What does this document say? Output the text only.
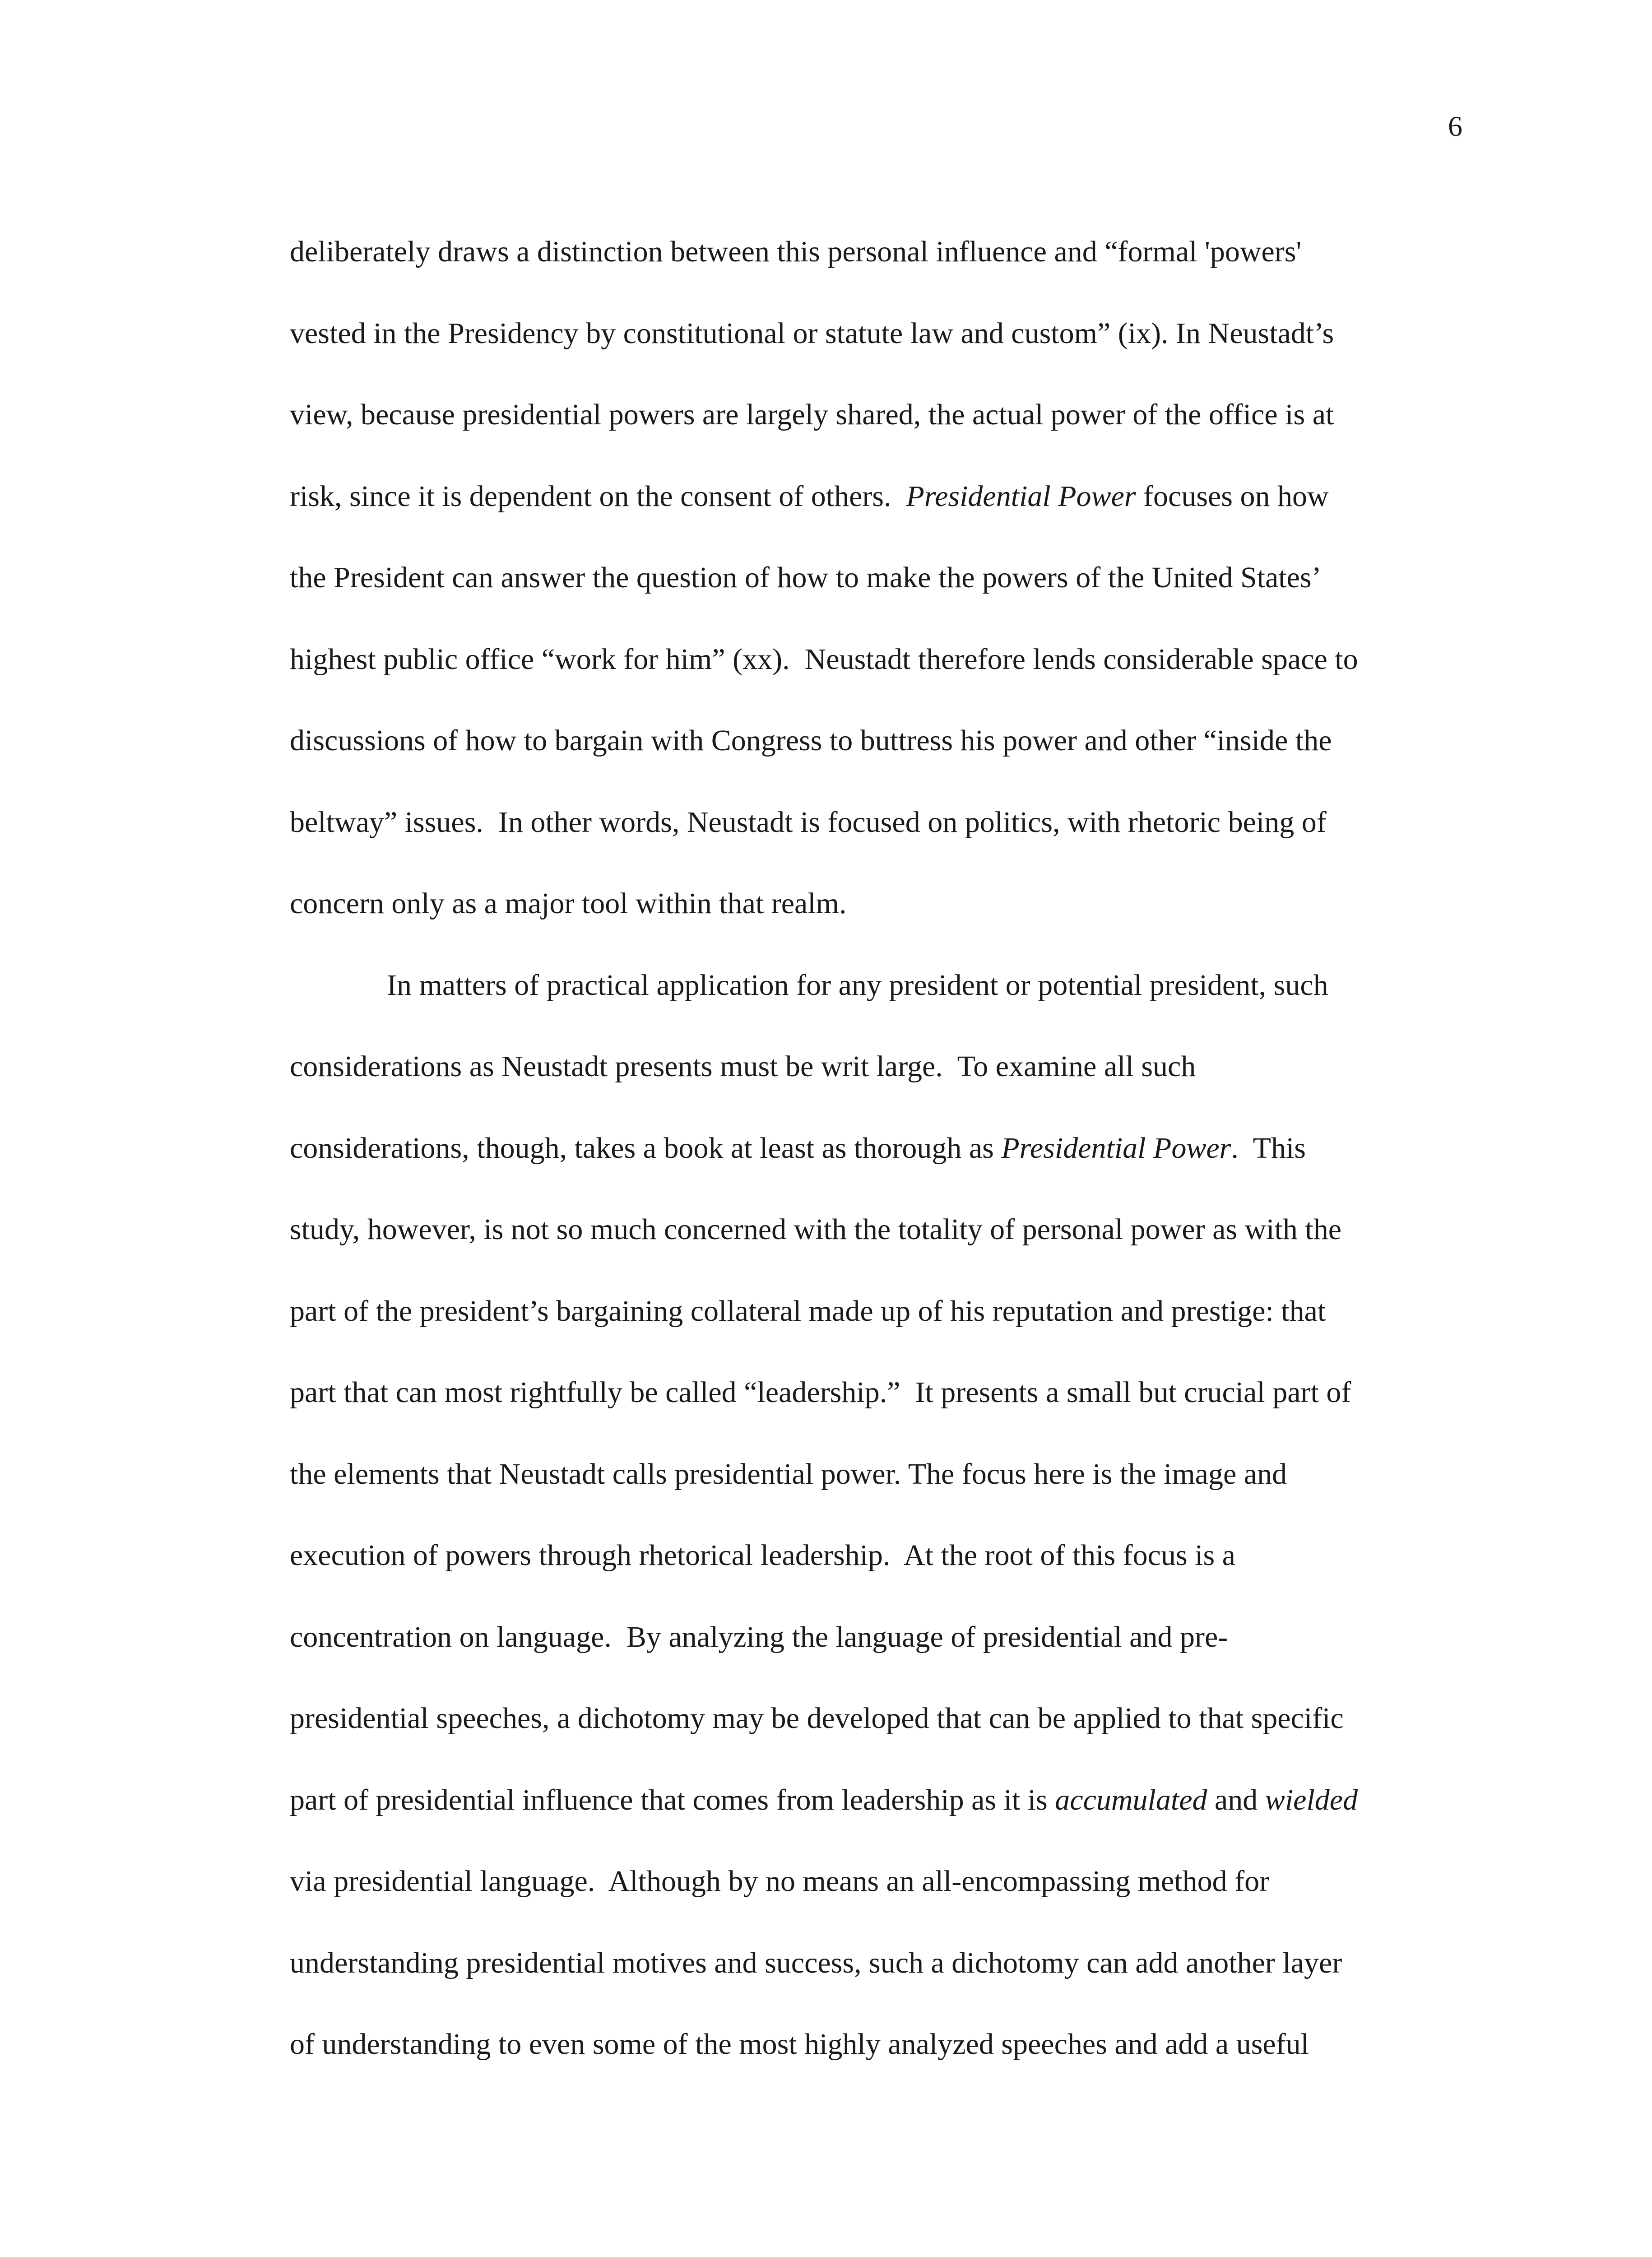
6
deliberately draws a distinction between this personal influence and “formal 'powers'
vested in the Presidency by constitutional or statute law and custom” (ix). In Neustadt’s
view, because presidential powers are largely shared, the actual power of the office is at
risk, since it is dependent on the consent of others.  Presidential Power focuses on how
the President can answer the question of how to make the powers of the United States’
highest public office “work for him” (xx).  Neustadt therefore lends considerable space to
discussions of how to bargain with Congress to buttress his power and other “inside the
beltway” issues.  In other words, Neustadt is focused on politics, with rhetoric being of
concern only as a major tool within that realm.
In matters of practical application for any president or potential president, such
considerations as Neustadt presents must be writ large.  To examine all such
considerations, though, takes a book at least as thorough as Presidential Power.  This
study, however, is not so much concerned with the totality of personal power as with the
part of the president’s bargaining collateral made up of his reputation and prestige: that
part that can most rightfully be called “leadership.”  It presents a small but crucial part of
the elements that Neustadt calls presidential power. The focus here is the image and
execution of powers through rhetorical leadership.  At the root of this focus is a
concentration on language.  By analyzing the language of presidential and pre-
presidential speeches, a dichotomy may be developed that can be applied to that specific
part of presidential influence that comes from leadership as it is accumulated and wielded
via presidential language.  Although by no means an all-encompassing method for
understanding presidential motives and success, such a dichotomy can add another layer
of understanding to even some of the most highly analyzed speeches and add a useful
